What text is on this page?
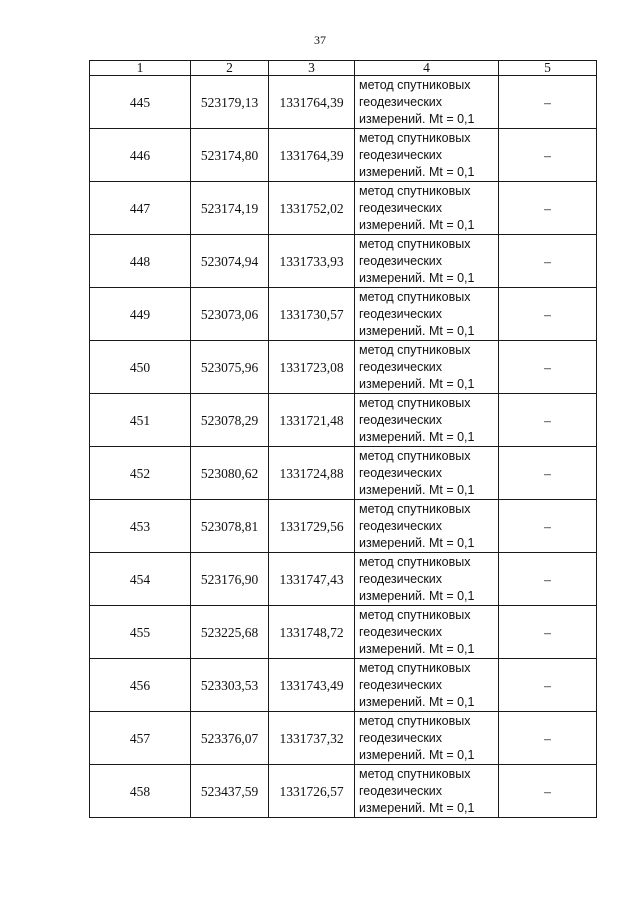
37
1	2	3	4	5
445	523179,13	1331764,39	метод спутниковых
геодезических
измерений. Mt = 0,1	–
446	523174,80	1331764,39	метод спутниковых
геодезических
измерений. Mt = 0,1	–
447	523174,19	1331752,02	метод спутниковых
геодезических
измерений. Mt = 0,1	–
448	523074,94	1331733,93	метод спутниковых
геодезических
измерений. Mt = 0,1	–
449	523073,06	1331730,57	метод спутниковых
геодезических
измерений. Mt = 0,1	–
450	523075,96	1331723,08	метод спутниковых
геодезических
измерений. Mt = 0,1	–
451	523078,29	1331721,48	метод спутниковых
геодезических
измерений. Mt = 0,1	–
452	523080,62	1331724,88	метод спутниковых
геодезических
измерений. Mt = 0,1	–
453	523078,81	1331729,56	метод спутниковых
геодезических
измерений. Mt = 0,1	–
454	523176,90	1331747,43	метод спутниковых
геодезических
измерений. Mt = 0,1	–
455	523225,68	1331748,72	метод спутниковых
геодезических
измерений. Mt = 0,1	–
456	523303,53	1331743,49	метод спутниковых
геодезических
измерений. Mt = 0,1	–
457	523376,07	1331737,32	метод спутниковых
геодезических
измерений. Mt = 0,1	–
458	523437,59	1331726,57	метод спутниковых
геодезических
измерений. Mt = 0,1	–
